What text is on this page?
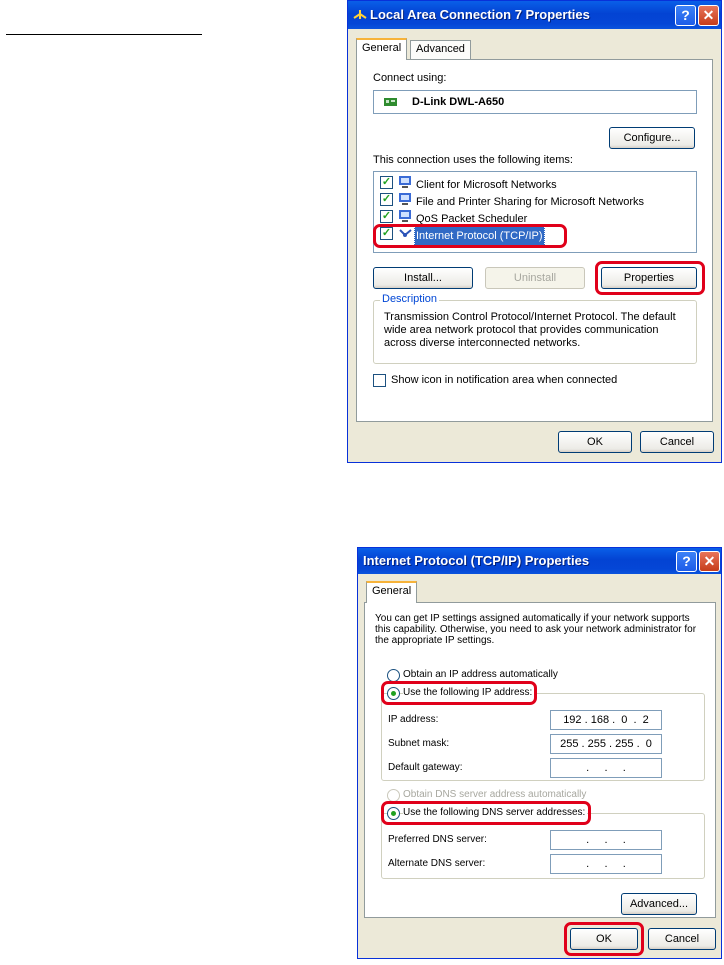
Local Area Connection 7 Properties	? ✕
General	Advanced
Connect using:

D-Link DWL-A650

Configure...
This connection uses the following items:

✓

Client for Microsoft Networks

✓

File and Printer Sharing for Microsoft Networks

✓

QoS Packet Scheduler

✓

Internet Protocol (TCP/IP)

Install...	Uninstall	Properties
Description
Transmission Control Protocol/Internet Protocol. The default wide area network protocol that provides communication across diverse interconnected networks.
Show icon in notification area when connected
OK	Cancel
Internet Protocol (TCP/IP) Properties	? ✕
General
You can get IP settings assigned automatically if your network supports this capability. Otherwise, you need to ask your network administrator for the appropriate IP settings.
Obtain an IP address automatically
IP address:	192 . 168 .  0  .  2
Subnet mask:	255 . 255 . 255 .  0
Default gateway:	.     .     .
Use the following IP address:
Obtain DNS server address automatically
Preferred DNS server:	.     .     .
Alternate DNS server:	.     .     .
Use the following DNS server addresses:
Advanced...
OK	Cancel
